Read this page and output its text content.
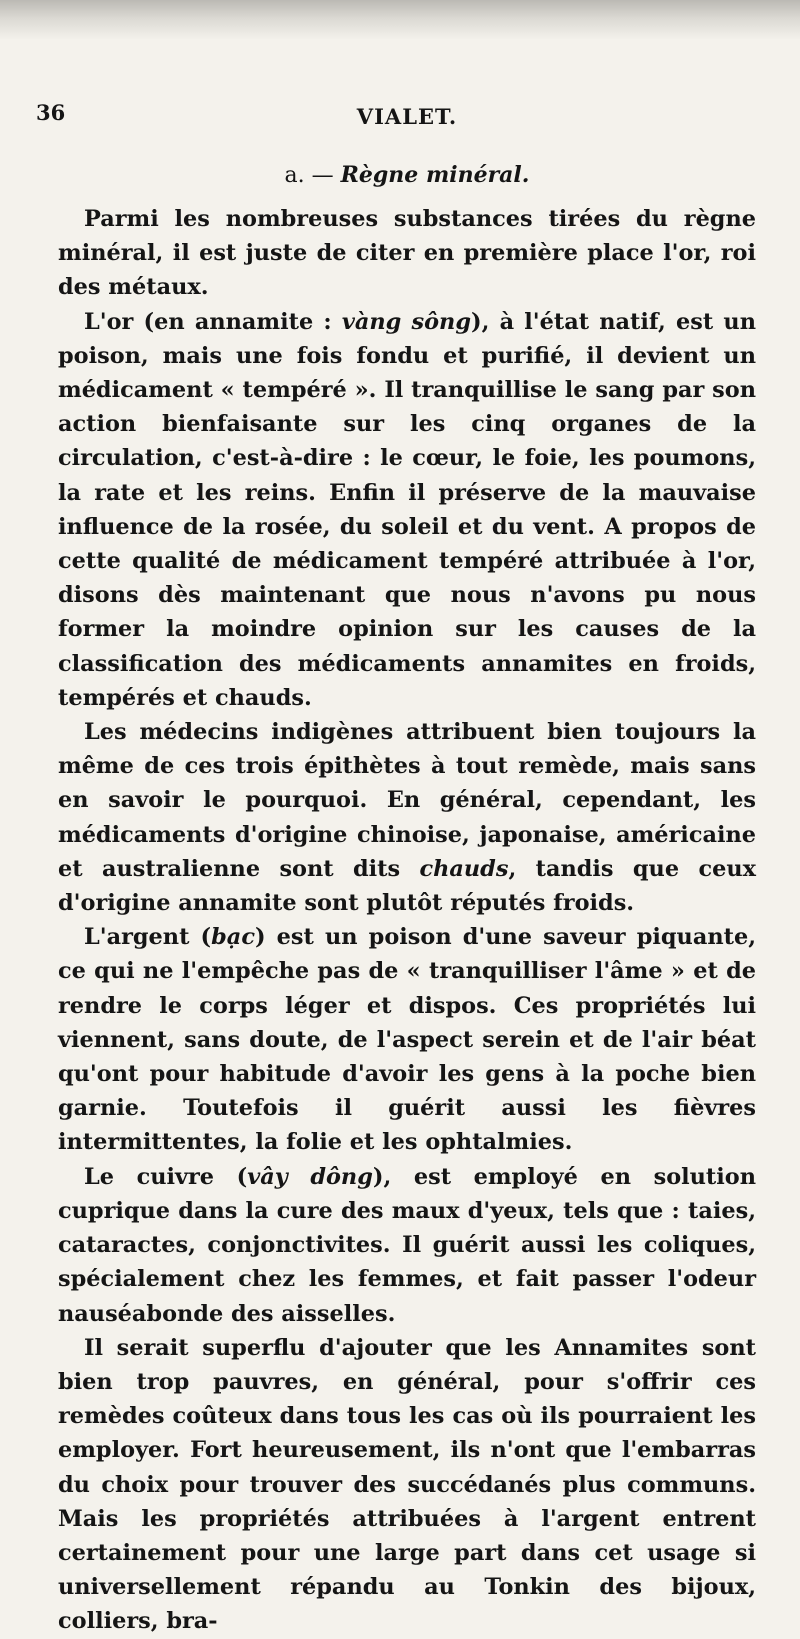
36	VIALET.
a. — Règne minéral.

Parmi les nombreuses substances tirées du règne minéral, il est juste de citer en première place l'or, roi des métaux.

L'or (en annamite : vàng sông), à l'état natif, est un poison, mais une fois fondu et purifié, il devient un médicament « tempéré ». Il tranquillise le sang par son action bienfaisante sur les cinq organes de la circulation, c'est-à-dire : le cœur, le foie, les poumons, la rate et les reins. Enfin il préserve de la mauvaise influence de la rosée, du soleil et du vent. A propos de cette qualité de médicament tempéré attribuée à l'or, disons dès maintenant que nous n'avons pu nous former la moindre opinion sur les causes de la classification des médicaments annamites en froids, tempérés et chauds.

Les médecins indigènes attribuent bien toujours la même de ces trois épithètes à tout remède, mais sans en savoir le pourquoi. En général, cependant, les médicaments d'origine chinoise, japonaise, américaine et australienne sont dits chauds, tandis que ceux d'origine annamite sont plutôt réputés froids.

L'argent (bạc) est un poison d'une saveur piquante, ce qui ne l'empêche pas de « tranquilliser l'âme » et de rendre le corps léger et dispos. Ces propriétés lui viennent, sans doute, de l'aspect serein et de l'air béat qu'ont pour habitude d'avoir les gens à la poche bien garnie. Toutefois il guérit aussi les fièvres intermittentes, la folie et les ophtalmies.

Le cuivre (vây dông), est employé en solution cuprique dans la cure des maux d'yeux, tels que : taies, cataractes, conjonctivites. Il guérit aussi les coliques, spécialement chez les femmes, et fait passer l'odeur nauséabonde des aisselles.

Il serait superflu d'ajouter que les Annamites sont bien trop pauvres, en général, pour s'offrir ces remèdes coûteux dans tous les cas où ils pourraient les employer. Fort heureusement, ils n'ont que l'embarras du choix pour trouver des succédanés plus communs. Mais les propriétés attribuées à l'argent entrent certainement pour une large part dans cet usage si universellement répandu au Tonkin des bijoux, colliers, bra-
